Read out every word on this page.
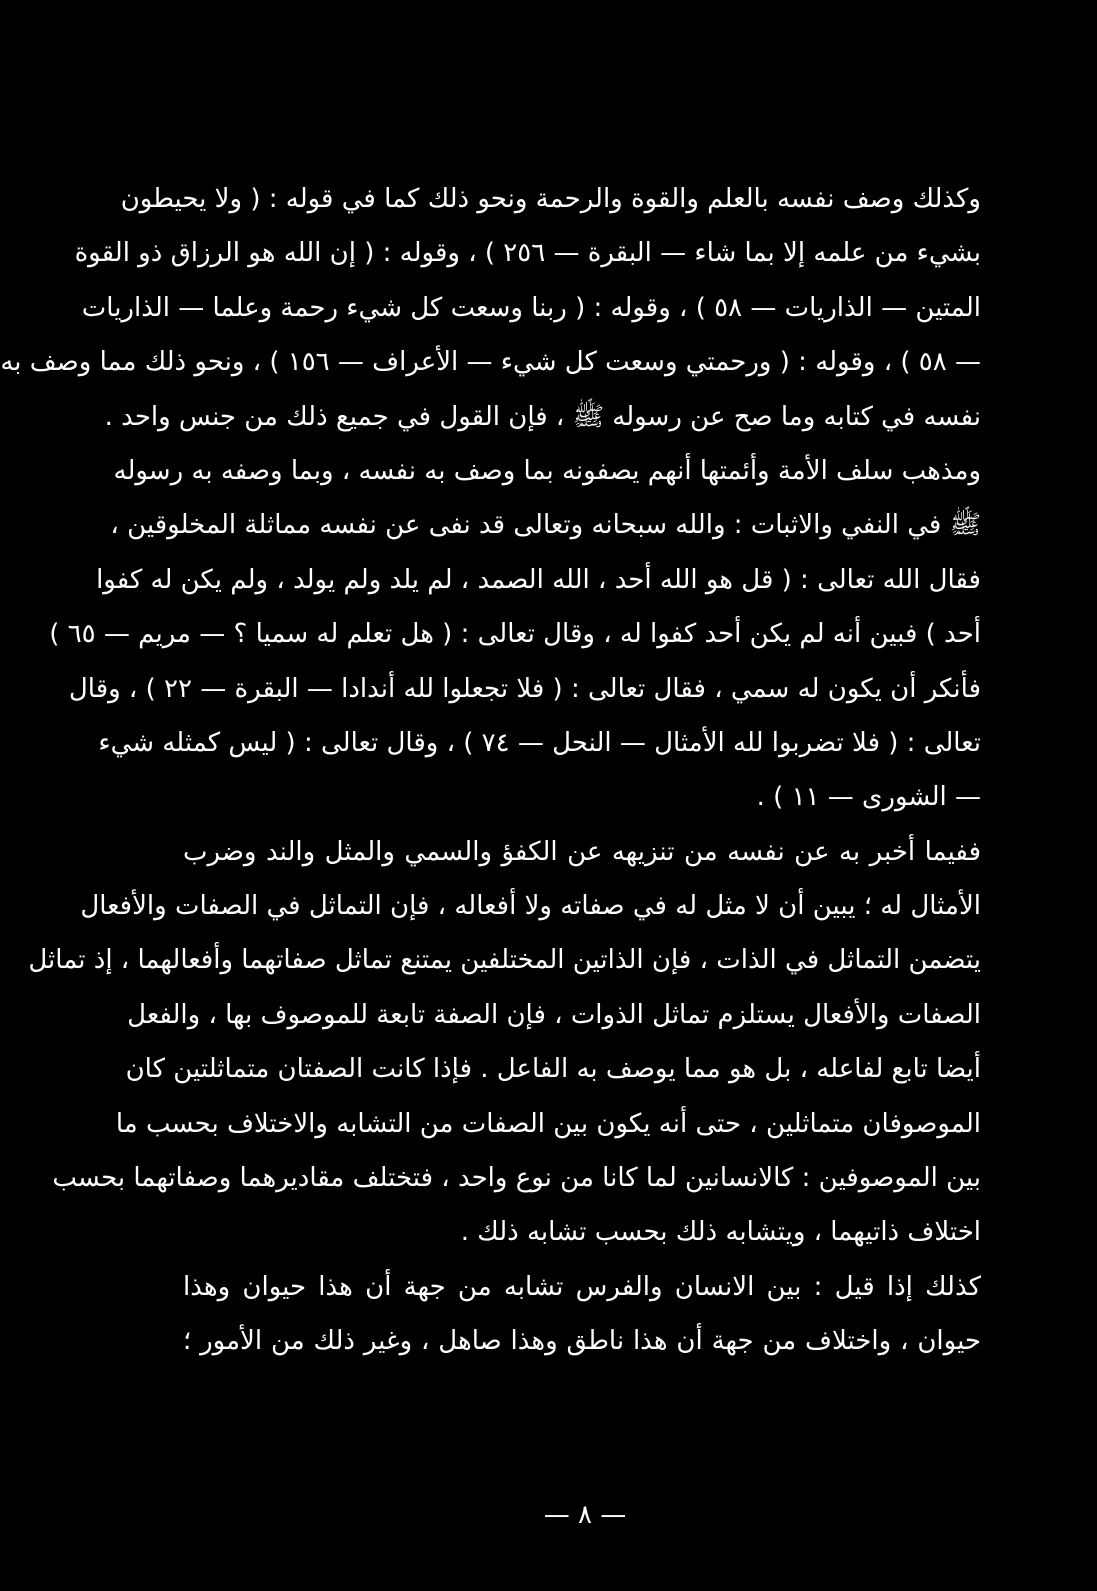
وكذلك وصف نفسه بالعلم والقوة والرحمة ونحو ذلك كما في قوله : ( ولا يحيطون
بشيء من علمه إلا بما شاء — البقرة — ٢٥٦ ) ، وقوله : ( إن الله هو الرزاق ذو القوة
المتين — الذاريات — ٥٨ ) ، وقوله : ( ربنا وسعت كل شيء رحمة وعلما — الذاريات
— ٥٨ ) ، وقوله : ( ورحمتي وسعت كل شيء — الأعراف — ١٥٦ ) ، ونحو ذلك مما وصف به
نفسه في كتابه وما صح عن رسوله ﷺ ، فإن القول في جميع ذلك من جنس واحد .
ومذهب سلف الأمة وأئمتها أنهم يصفونه بما وصف به نفسه ، وبما وصفه به رسوله
ﷺ في النفي والاثبات : والله سبحانه وتعالى قد نفى عن نفسه مماثلة المخلوقين ،
فقال الله تعالى : ( قل هو الله أحد ، الله الصمد ، لم يلد ولم يولد ، ولم يكن له كفوا
أحد ) فبين أنه لم يكن أحد كفوا له ، وقال تعالى : ( هل تعلم له سميا ؟ — مريم — ٦٥ )
فأنكر أن يكون له سمي ، فقال تعالى : ( فلا تجعلوا لله أندادا — البقرة — ٢٢ ) ، وقال
تعالى : ( فلا تضربوا لله الأمثال — النحل — ٧٤ ) ، وقال تعالى : ( ليس كمثله شيء
— الشورى — ١١ ) .
ففيما أخبر به عن نفسه من تنزيهه عن الكفؤ والسمي والمثل والند وضرب
الأمثال له ؛ يبين أن لا مثل له في صفاته ولا أفعاله ، فإن التماثل في الصفات والأفعال
يتضمن التماثل في الذات ، فإن الذاتين المختلفين يمتنع تماثل صفاتهما وأفعالهما ، إذ تماثل
الصفات والأفعال يستلزم تماثل الذوات ، فإن الصفة تابعة للموصوف بها ، والفعل
أيضا تابع لفاعله ، بل هو مما يوصف به الفاعل . فإذا كانت الصفتان متماثلتين كان
الموصوفان متماثلين ، حتى أنه يكون بين الصفات من التشابه والاختلاف بحسب ما
بين الموصوفين : كالانسانين لما كانا من نوع واحد ، فتختلف مقاديرهما وصفاتهما بحسب
اختلاف ذاتيهما ، ويتشابه ذلك بحسب تشابه ذلك .
كذلك إذا قيل : بين الانسان والفرس تشابه من جهة أن هذا حيوان وهذا
حيوان ، واختلاف من جهة أن هذا ناطق وهذا صاهل ، وغير ذلك من الأمور ؛
— ٨ —
